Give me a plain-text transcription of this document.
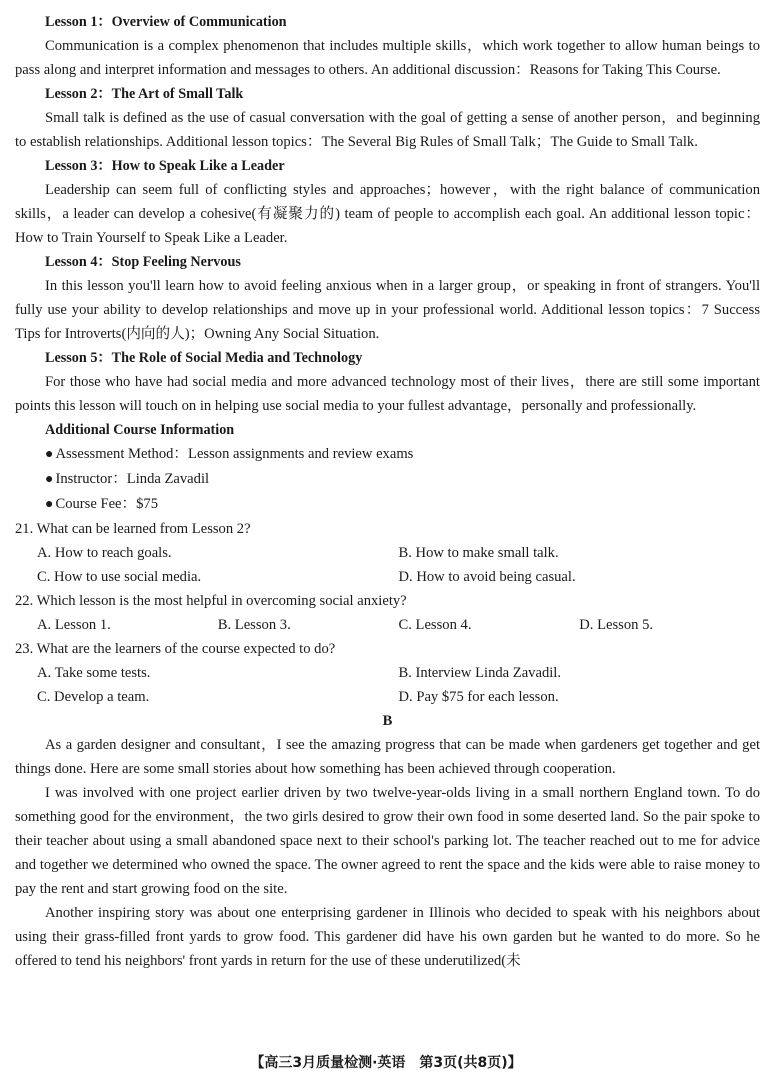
Lesson 1：Overview of Communication
Communication is a complex phenomenon that includes multiple skills，which work together to allow human beings to pass along and interpret information and messages to others. An additional discussion：Reasons for Taking This Course.
Lesson 2：The Art of Small Talk
Small talk is defined as the use of casual conversation with the goal of getting a sense of another person，and beginning to establish relationships. Additional lesson topics：The Several Big Rules of Small Talk；The Guide to Small Talk.
Lesson 3：How to Speak Like a Leader
Leadership can seem full of conflicting styles and approaches；however，with the right balance of communication skills，a leader can develop a cohesive(有凝聚力的) team of people to accomplish each goal. An additional lesson topic：How to Train Yourself to Speak Like a Leader.
Lesson 4：Stop Feeling Nervous
In this lesson you'll learn how to avoid feeling anxious when in a larger group，or speaking in front of strangers. You'll fully use your ability to develop relationships and move up in your professional world. Additional lesson topics：7 Success Tips for Introverts(内向的人)；Owning Any Social Situation.
Lesson 5：The Role of Social Media and Technology
For those who have had social media and more advanced technology most of their lives，there are still some important points this lesson will touch on in helping use social media to your fullest advantage，personally and professionally.
Additional Course Information
● Assessment Method：Lesson assignments and review exams
● Instructor：Linda Zavadil
● Course Fee：$75
21. What can be learned from Lesson 2?
A. How to reach goals.	B. How to make small talk.
C. How to use social media.	D. How to avoid being casual.
22. Which lesson is the most helpful in overcoming social anxiety?
A. Lesson 1.	B. Lesson 3.	C. Lesson 4.	D. Lesson 5.
23. What are the learners of the course expected to do?
A. Take some tests.	B. Interview Linda Zavadil.
C. Develop a team.	D. Pay $75 for each lesson.
B
As a garden designer and consultant，I see the amazing progress that can be made when gardeners get together and get things done. Here are some small stories about how something has been achieved through cooperation.
I was involved with one project earlier driven by two twelve-year-olds living in a small northern England town. To do something good for the environment，the two girls desired to grow their own food in some deserted land. So the pair spoke to their teacher about using a small abandoned space next to their school's parking lot. The teacher reached out to me for advice and together we determined who owned the space. The owner agreed to rent the space and the kids were able to raise money to pay the rent and start growing food on the site.
Another inspiring story was about one enterprising gardener in Illinois who decided to speak with his neighbors about using their grass-filled front yards to grow food. This gardener did have his own garden but he wanted to do more. So he offered to tend his neighbors' front yards in return for the use of these underutilized(未
【高三3月质量检测·英语　第3页(共8页)】
